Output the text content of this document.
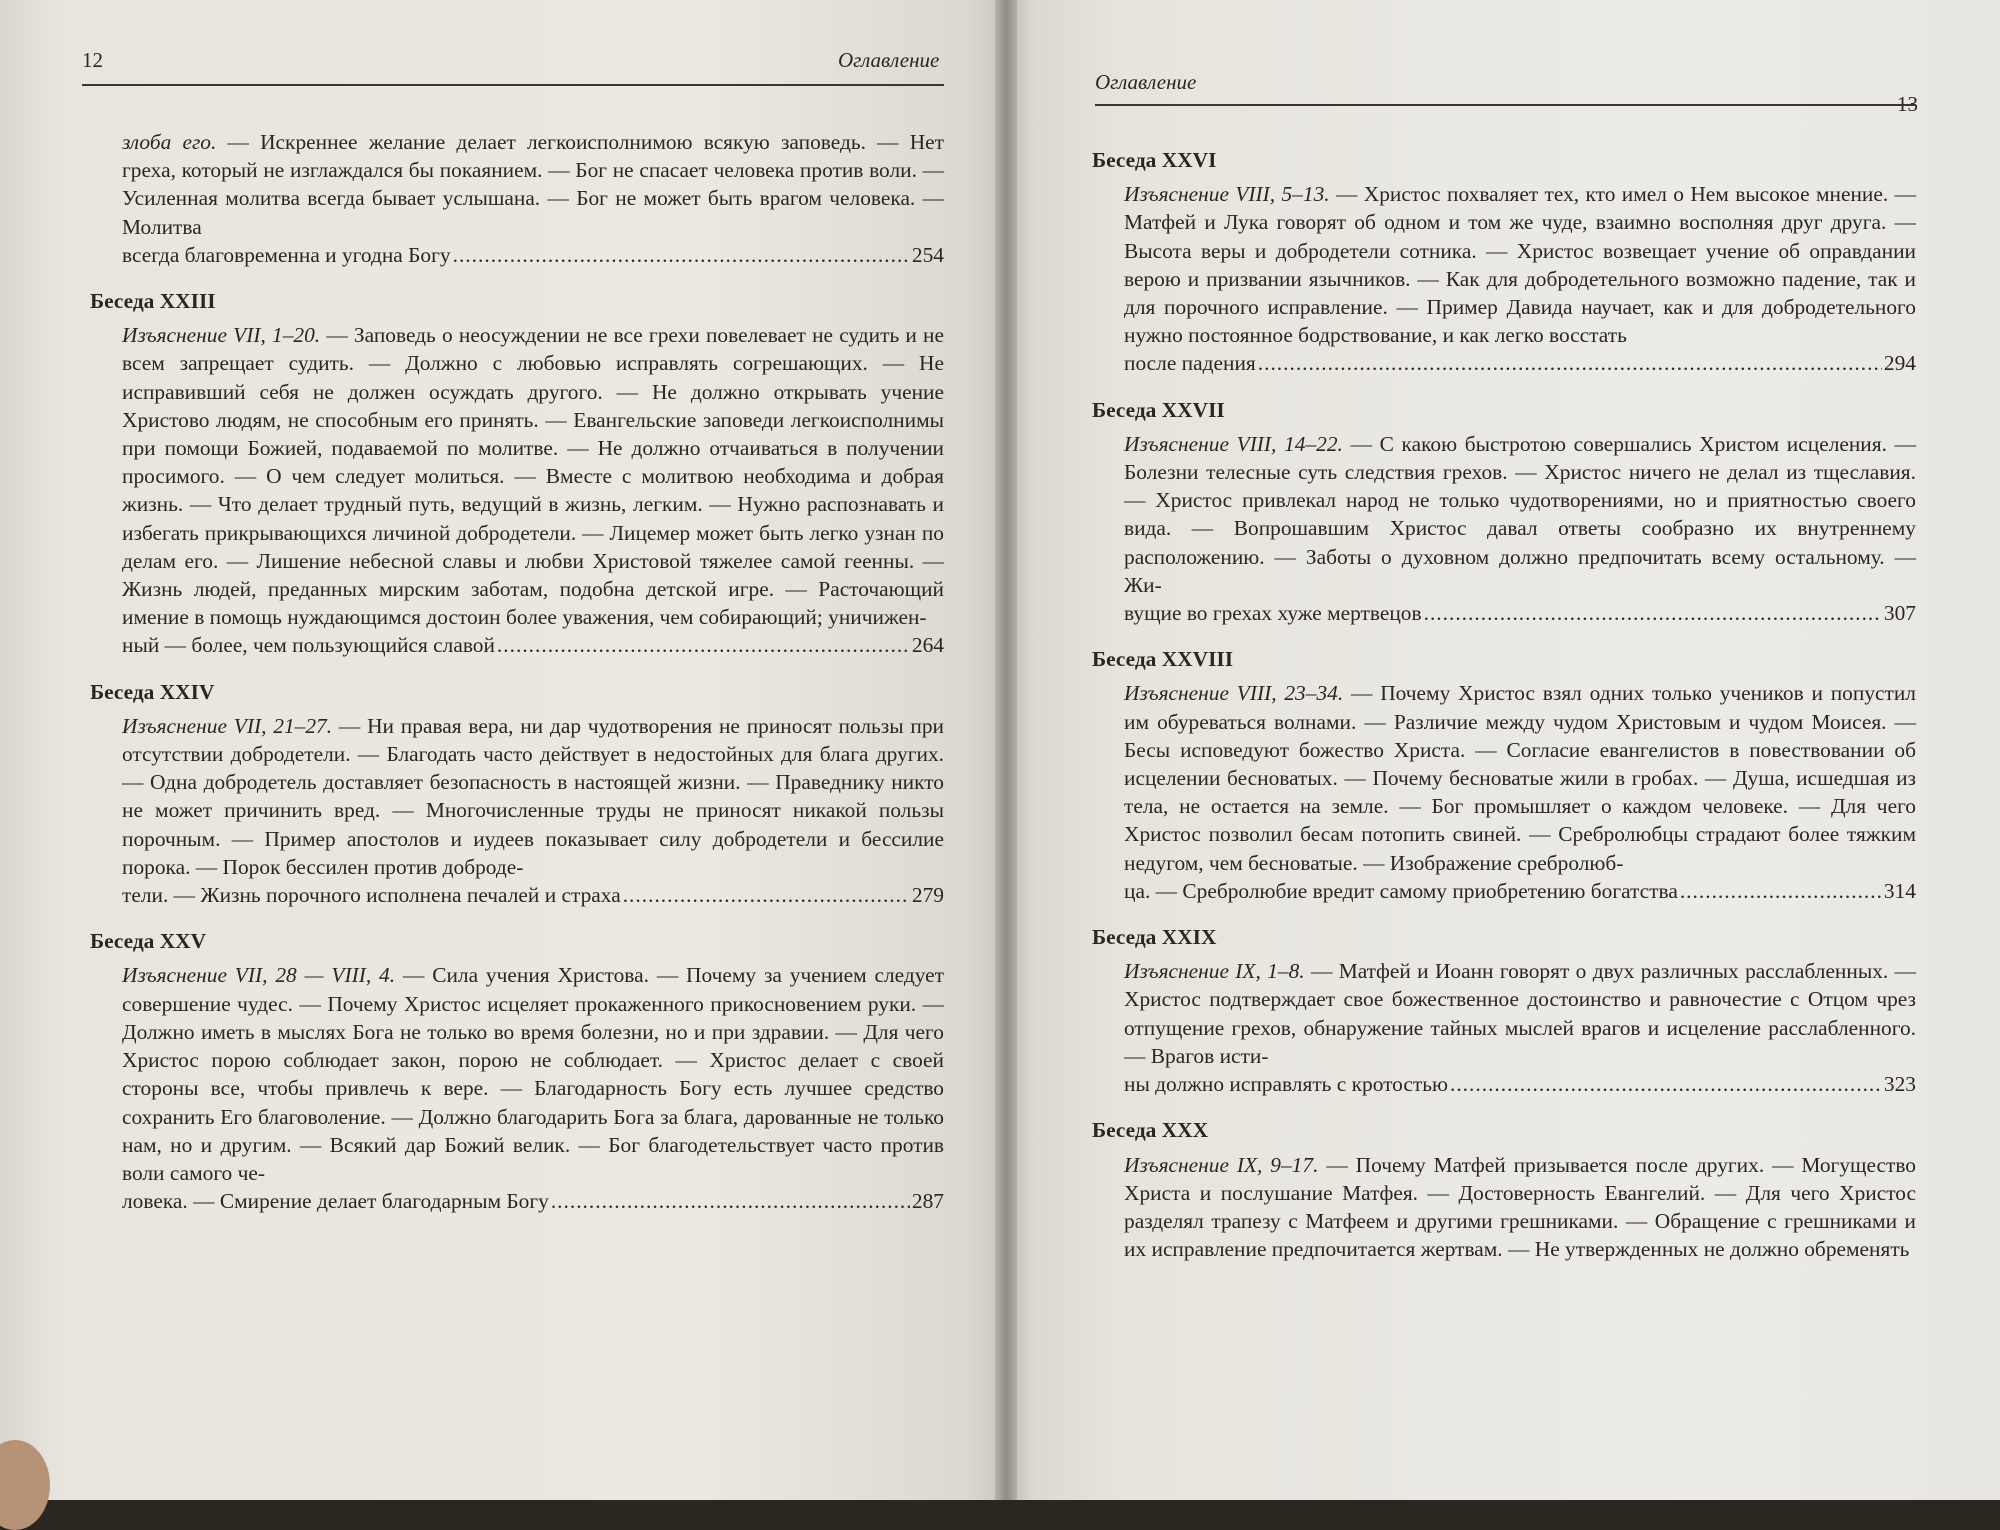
12	Оглавление
злоба его. — Искреннее желание делает легкоисполнимою всякую заповедь. — Нет греха, который не изглаждался бы покаянием. — Бог не спасает человека против воли. — Усиленная молитва всегда бывает услышана. — Бог не может быть врагом человека. — Молитва
всегда благовременна и угодна Богу .....	254
Беседа XXIII
Изъяснение VII, 1–20. — Заповедь о неосуждении не все грехи повелевает не судить и не всем запрещает судить. — Должно с любовью исправлять согрешающих. — Не исправивший себя не должен осуждать другого. — Не должно открывать учение Христово людям, не способным его принять. — Евангельские заповеди легкоисполнимы при помощи Божией, подаваемой по молитве. — Не должно отчаиваться в получении просимого. — О чем следует молиться. — Вместе с молитвою необходима и добрая жизнь. — Что делает трудный путь, ведущий в жизнь, легким. — Нужно распознавать и избегать прикрывающихся личиной добродетели. — Лицемер может быть легко узнан по делам его. — Лишение небесной славы и любви Христовой тяжелее самой геенны. — Жизнь людей, преданных мирским заботам, подобна детской игре. — Расточающий имение в помощь нуждающимся достоин более уважения, чем собирающий; уничижен-
ный — более, чем пользующийся славой .....	264
Беседа XXIV
Изъяснение VII, 21–27. — Ни правая вера, ни дар чудотворения не приносят пользы при отсутствии добродетели. — Благодать часто действует в недостойных для блага других. — Одна добродетель доставляет безопасность в настоящей жизни. — Праведнику никто не может причинить вред. — Многочисленные труды не приносят никакой пользы порочным. — Пример апостолов и иудеев показывает силу добродетели и бессилие порока. — Порок бессилен против доброде-
тели. — Жизнь порочного исполнена печалей и страха .....	279
Беседа XXV
Изъяснение VII, 28 — VIII, 4. — Сила учения Христова. — Почему за учением следует совершение чудес. — Почему Христос исцеляет прокаженного прикосновением руки. — Должно иметь в мыслях Бога не только во время болезни, но и при здравии. — Для чего Христос порою соблюдает закон, порою не соблюдает. — Христос делает с своей стороны все, чтобы привлечь к вере. — Благодарность Богу есть лучшее средство сохранить Его благоволение. — Должно благодарить Бога за блага, дарованные не только нам, но и другим. — Всякий дар Божий велик. — Бог благодетельствует часто против воли самого че-
ловека. — Смирение делает благодарным Богу .....	287
Оглавление
13
Беседа XXVI
Изъяснение VIII, 5–13. — Христос похваляет тех, кто имел о Нем высокое мнение. — Матфей и Лука говорят об одном и том же чуде, взаимно восполняя друг друга. — Высота веры и добродетели сотника. — Христос возвещает учение об оправдании верою и призвании язычников. — Как для добродетельного возможно падение, так и для порочного исправление. — Пример Давида научает, как и для добродетельного нужно постоянное бодрствование, и как легко восстать
после падения .....	294
Беседа XXVII
Изъяснение VIII, 14–22. — С какою быстротою совершались Христом исцеления. — Болезни телесные суть следствия грехов. — Христос ничего не делал из тщеславия. — Христос привлекал народ не только чудотворениями, но и приятностью своего вида. — Вопрошавшим Христос давал ответы сообразно их внутреннему расположению. — Заботы о духовном должно предпочитать всему остальному. — Жи-
вущие во грехах хуже мертвецов .....	307
Беседа XXVIII
Изъяснение VIII, 23–34. — Почему Христос взял одних только учеников и попустил им обуреваться волнами. — Различие между чудом Христовым и чудом Моисея. — Бесы исповедуют божество Христа. — Согласие евангелистов в повествовании об исцелении бесноватых. — Почему бесноватые жили в гробах. — Душа, исшедшая из тела, не остается на земле. — Бог промышляет о каждом человеке. — Для чего Христос позволил бесам потопить свиней. — Сребролюбцы страдают более тяжким недугом, чем бесноватые. — Изображение сребролюб-
ца. — Сребролюбие вредит самому приобретению богатства .....	314
Беседа XXIX
Изъяснение IX, 1–8. — Матфей и Иоанн говорят о двух различных расслабленных. — Христос подтверждает свое божественное достоинство и равночестие с Отцом чрез отпущение грехов, обнаружение тайных мыслей врагов и исцеление расслабленного. — Врагов исти-
ны должно исправлять с кротостью .....	323
Беседа XXX
Изъяснение IX, 9–17. — Почему Матфей призывается после других. — Могущество Христа и послушание Матфея. — Достоверность Евангелий. — Для чего Христос разделял трапезу с Матфеем и другими грешниками. — Обращение с грешниками и их исправление предпочитается жертвам. — Не утвержденных не должно обременять
